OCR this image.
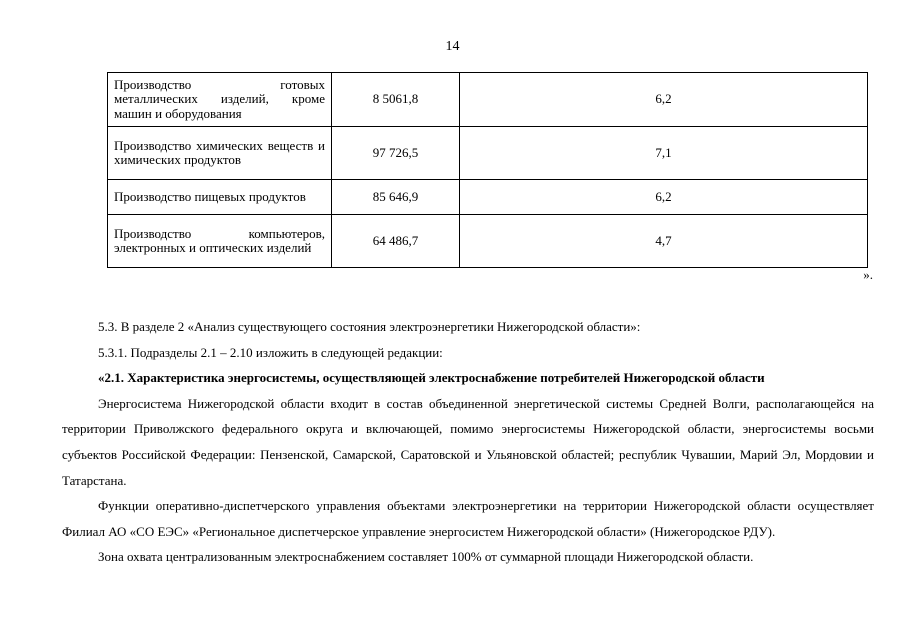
14
Производство готовых металлических изделий, кроме машин и оборудования	8 5061,8	6,2
Производство химических веществ и химических продуктов	97 726,5	7,1
Производство пищевых продуктов	85 646,9	6,2
Производство компьютеров, электронных и оптических изделий	64 486,7	4,7
».

5.3. В разделе 2 «Анализ существующего состояния электроэнергетики Нижегородской области»:

5.3.1. Подразделы 2.1 – 2.10 изложить в следующей редакции:

«2.1. Характеристика энергосистемы, осуществляющей электроснабжение потребителей Нижегородской области

Энергосистема Нижегородской области входит в состав объединенной энергетической системы Средней Волги, располагающейся на территории Приволжского федерального округа и включающей, помимо энергосистемы Нижегородской области, энергосистемы восьми субъектов Российской Федерации: Пензенской, Самарской, Саратовской и Ульяновской областей; республик Чувашии, Марий Эл, Мордовии и Татарстана.

Функции оперативно-диспетчерского управления объектами электроэнергетики на территории Нижегородской области осуществляет Филиал АО «СО ЕЭС» «Региональное диспетчерское управление энергосистем Нижегородской области» (Нижегородское РДУ).

Зона охвата централизованным электроснабжением составляет 100% от суммарной площади Нижегородской области.
